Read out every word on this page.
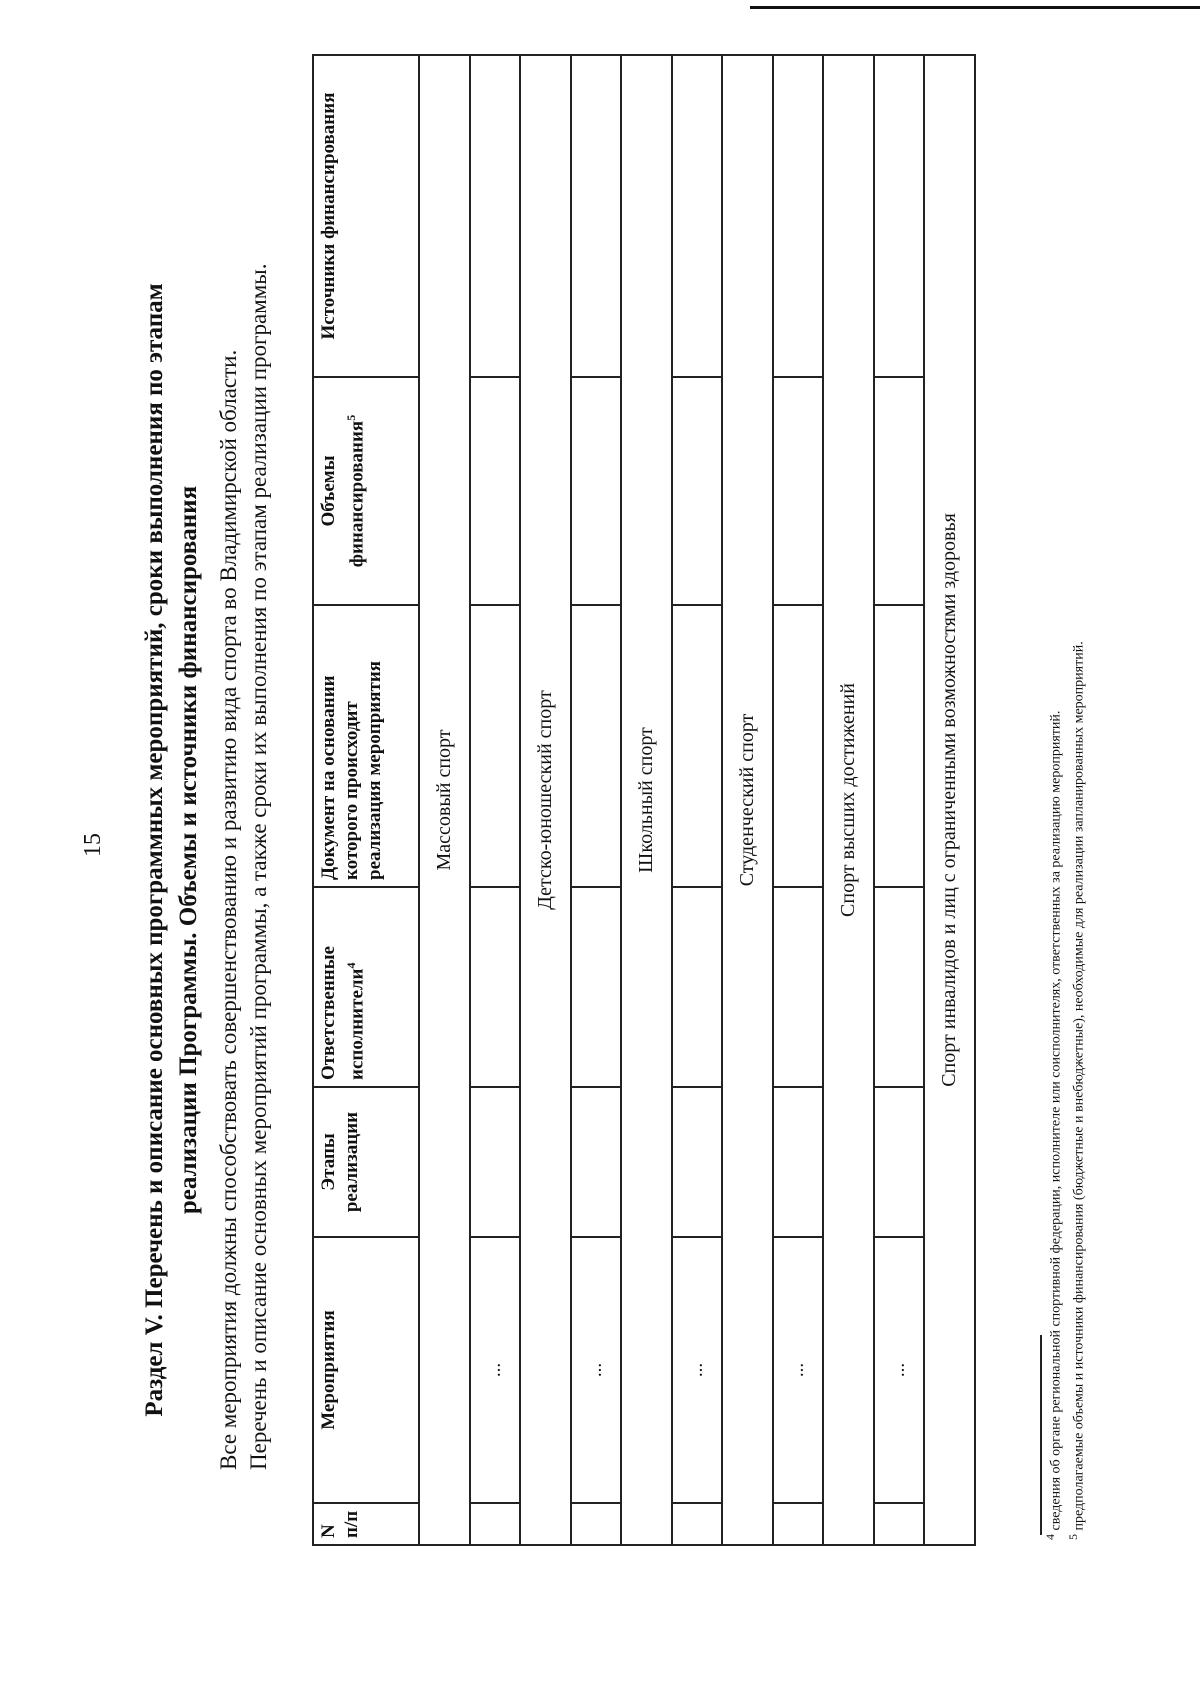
15 Раздел V. Перечень и описание основных программных мероприятий, сроки выполнения по этапам реализации Программы. Объемы и источники финансирования Все мероприятия должны способствовать совершенствованию и развитию вида спорта во Владимирской области. Перечень и описание основных мероприятий программы, а также сроки их выполнения по этапам реализации программы.

N п/п	Мероприятия	Этапы реализации	Ответственные исполнители$^4$	Документ на основании которого происходит реализация мероприятия	Объемы финансирования$^5$	Источники финансирования
Массовый спорт						
	...					
Детско-юношеский спорт						
	...					
Школьный спорт						
	...					
Студенческий спорт						
	...					
Спорт высших достижений						
	...					
Спорт инвалидов и лиц с ограниченными возможностями здоровья						

$^4$ сведения об органе региональной спортивной федерации, исполнителе или соисполнителях, ответственных за реализацию мероприятий.

$^5$ предполагаемые объемы и источники финансирования (бюджетные и внебюджетные), необходимые для реализации запланированных мероприятий.
